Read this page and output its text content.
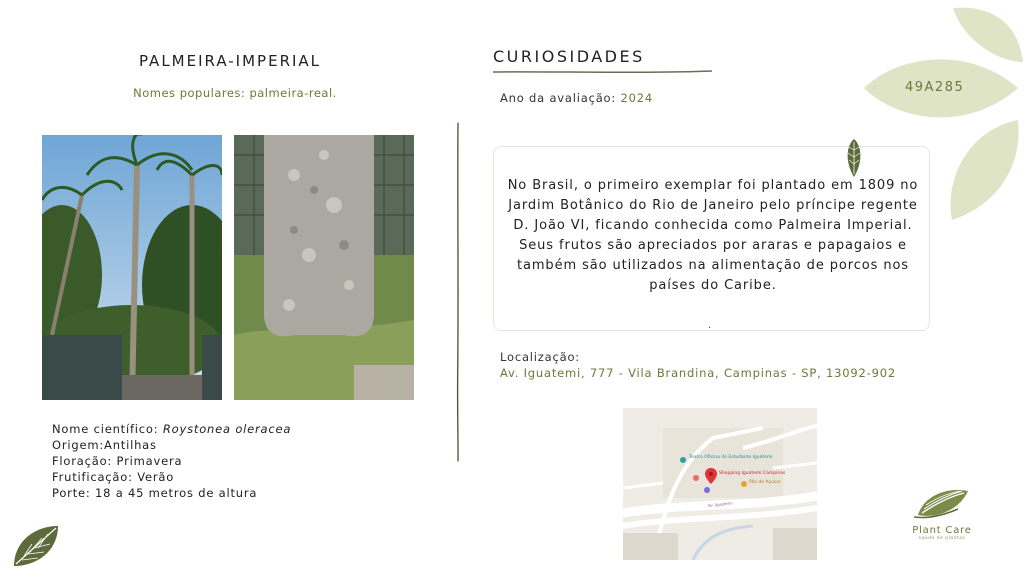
PALMEIRA-IMPERIAL
Nomes populares: palmeira-real.
Nome científico: Roystonea oleracea
Origem:Antilhas
Floração: Primavera
Frutificação: Verão
Porte: 18 a 45 metros de altura
CURIOSIDADES
Ano da avaliação: 2024
No Brasil, o primeiro exemplar foi plantado em 1809 no Jardim Botânico do Rio de Janeiro pelo príncipe regente D. João VI, ficando conhecida como Palmeira Imperial. Seus frutos são apreciados por araras e papagaios e também são utilizados na alimentação de porcos nos países do Caribe.
.
Localização:
Av. Iguatemi, 777 - Vila Brandina, Campinas - SP, 13092-902
Teatro Oficina do Estudante Iguatemi
Shopping Iguatemi Campinas
Pão de Açúcar
Av. Iguatemi
49A285
Plant Care
saúde de plantas
